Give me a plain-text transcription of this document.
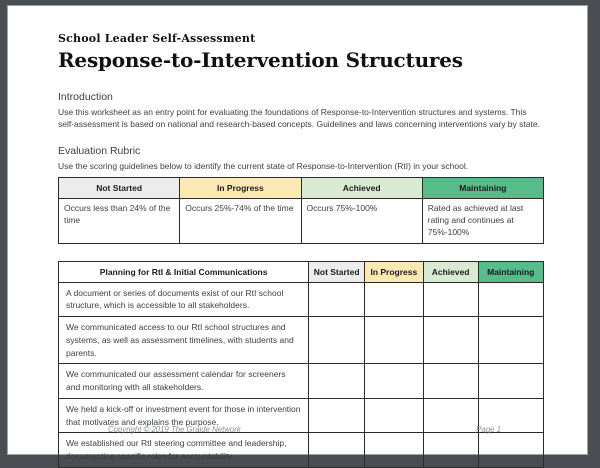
School Leader Self-Assessment
Response-to-Intervention Structures
Introduction

Use this worksheet as an entry point for evaluating the foundations of Response-to-Intervention structures and systems. This self-assessment is based on national and research-based concepts. Guidelines and laws concerning interventions vary by state.

Evaluation Rubric

Use the scoring guidelines below to identify the current state of Response-to-Intervention (RtI) in your school.

Not Started	In Progress	Achieved	Maintaining
Occurs less than 24% of the time	Occurs 25%-74% of the time	Occurs 75%-100%	Rated as achieved at last rating and continues at 75%-100%
Planning for RtI & Initial Communications	Not Started	In Progress	Achieved	Maintaining
A document or series of documents exist of our RtI school structure, which is accessible to all stakeholders.				
We communicated access to our RtI school structures and systems, as well as assessment timelines, with students and parents.				
We communicated our assessment calendar for screeners and monitoring with all stakeholders.				
We held a kick-off or investment event for those in intervention that motivates and explains the purpose.				
We established our RtI steering committee and leadership, documenting specific roles for accountability.				
Copyright © 2019 The Graide Network	Page 1
